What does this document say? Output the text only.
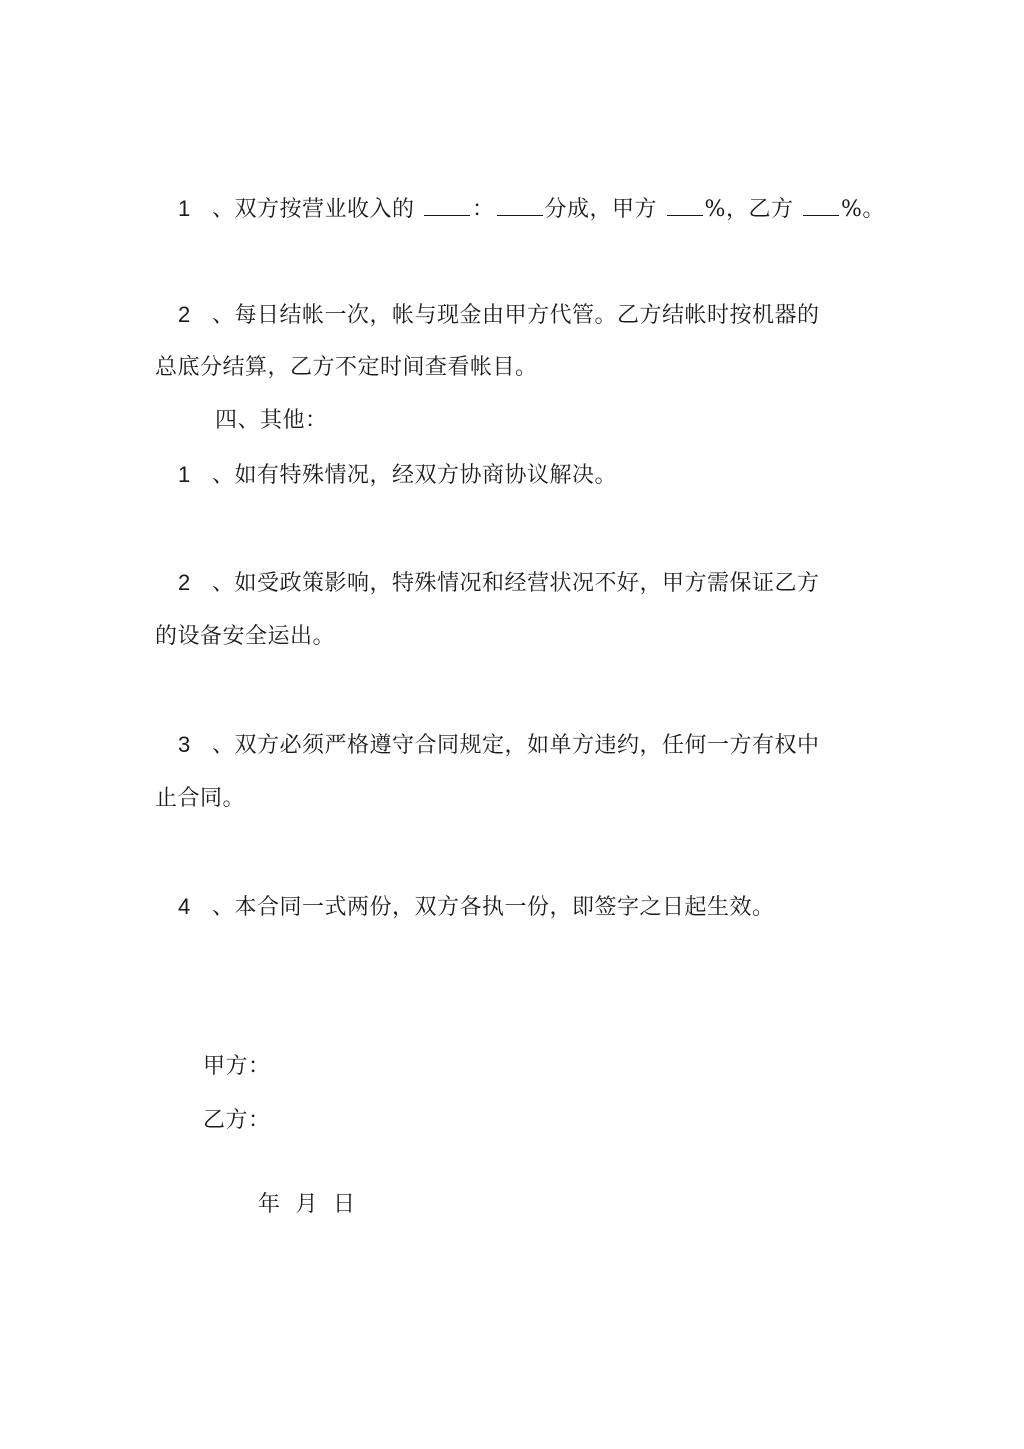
1 、双方按营业收入的	： 分成，甲方 %，乙方 %。
2 、每日结帐一次，帐与现金由甲方代管。乙方结帐时按机器的
总底分结算，乙方不定时间查看帐目。
四、其他：
1 、如有特殊情况，经双方协商协议解决。
2 、如受政策影响，特殊情况和经营状况不好，甲方需保证乙方
的设备安全运出。
3 、双方必须严格遵守合同规定，如单方违约，任何一方有权中
止合同。
4 、本合同一式两份，双方各执一份，即签字之日起生效。
甲方：
乙方：

年  月  日
